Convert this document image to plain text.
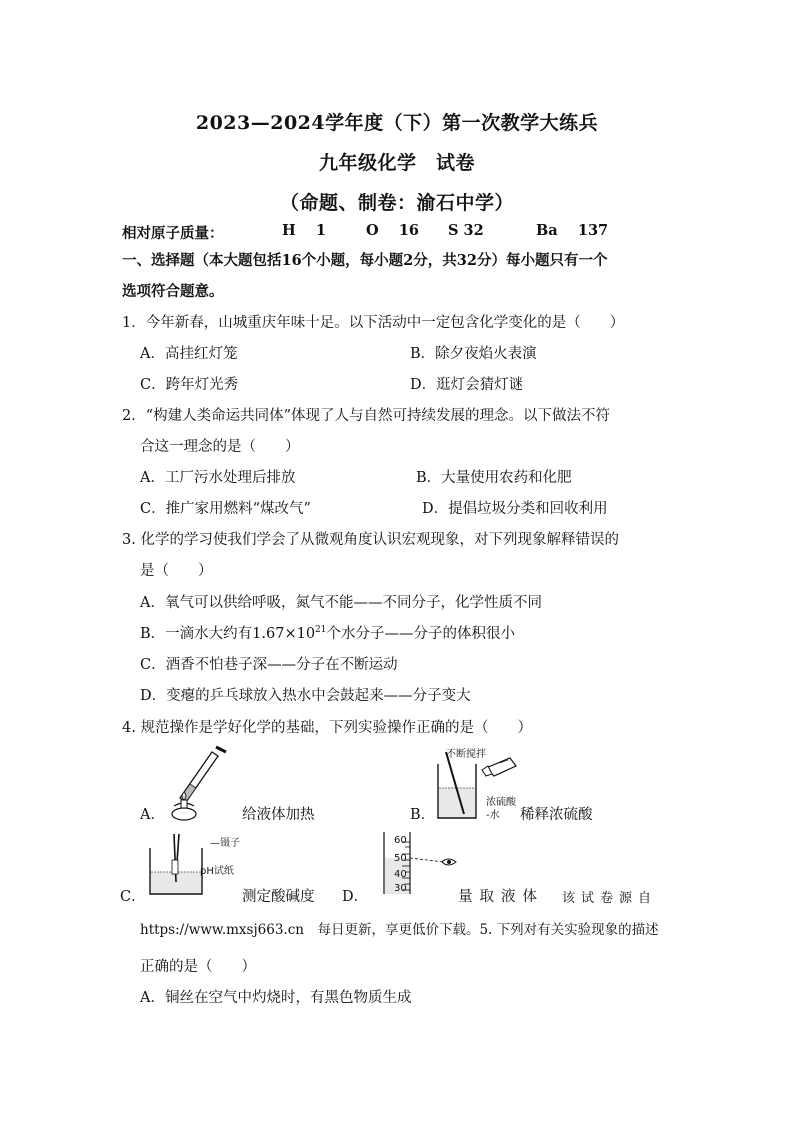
2023—2024学年度（下）第一次教学大练兵
九年级化学　试卷
（命题、制卷：渝石中学）
相对原子质量：	H 1	O 16 S 32	Ba 137
一、选择题（本大题包括16个小题，每小题2分，共32分）每小题只有一个
选项符合题意。
1．今年新春，山城重庆年味十足。以下活动中一定包含化学变化的是（　　）
A．高挂红灯笼	B．除夕夜焰火表演
C．跨年灯光秀	D．逛灯会猜灯谜
2．“构建人类命运共同体”体现了人与自然可持续发展的理念。以下做法不符
合这一理念的是（　　）
A．工厂污水处理后排放	B．大量使用农药和化肥
C．推广家用燃料“煤改气”	D．提倡垃圾分类和回收利用
3. 化学的学习使我们学会了从微观角度认识宏观现象，对下列现象解释错误的
是（　　）
A．氧气可以供给呼吸，氮气不能——不同分子，化学性质不同
B．一滴水大约有$1.67\times 10^{21}$个水分子——分子的体积很小
C．酒香不怕巷子深——分子在不断运动
D．变瘪的乒乓球放入热水中会鼓起来——分子变大
4. 规范操作是学好化学的基础，下列实验操作正确的是（　　）
A．	给液体加热	B．
不断搅拌
浓硫酸
-水 稀释浓硫酸
C．
—镊子
pH试纸
测定酸碱度 D．
60
50
40
30
量取液体 该试卷源自
https://www.mxsj663.cn　每日更新，享更低价下载。5. 下列对有关实验现象的描述
正确的是（　　）
A．铜丝在空气中灼烧时，有黑色物质生成
